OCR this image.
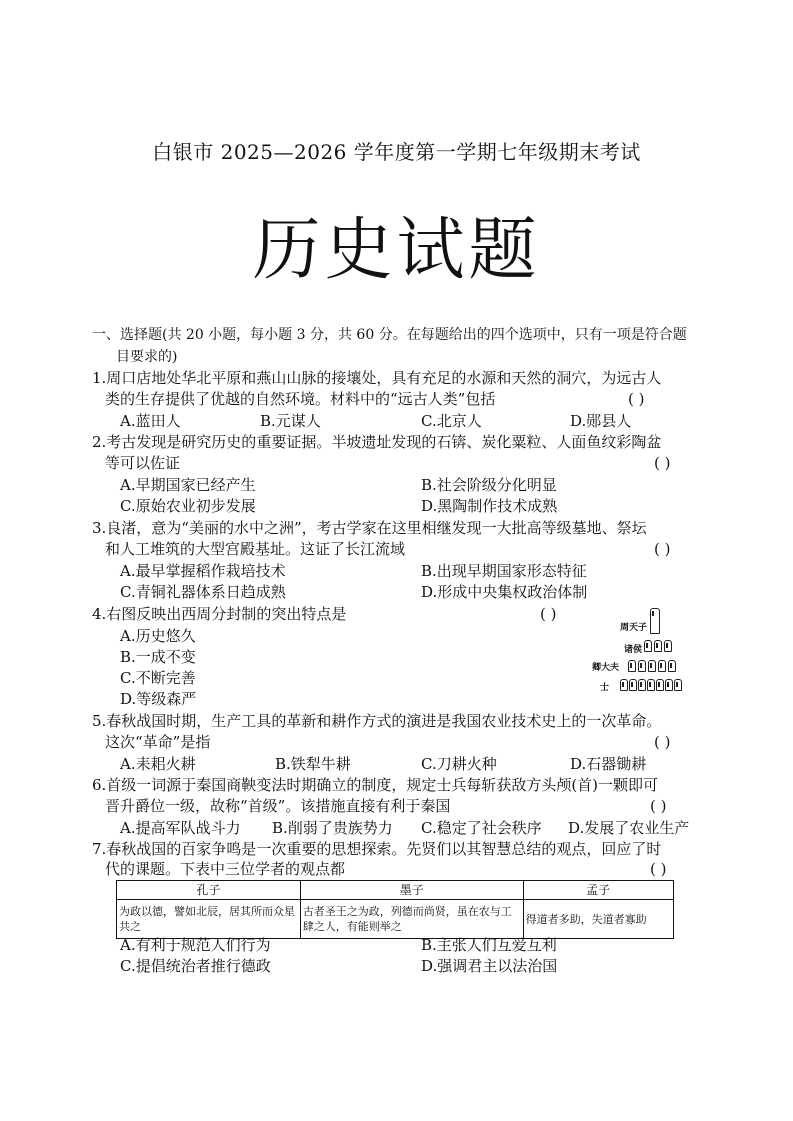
白银市 2025—2026 学年度第一学期七年级期末考试
历史试题
一、选择题(共 20 小题，每小题 3 分，共 60 分。在每题给出的四个选项中，只有一项是符合题
目要求的)
1.周口店地处华北平原和燕山山脉的接壤处，具有充足的水源和天然的洞穴，为远古人
类的生存提供了优越的自然环境。材料中的“远古人类”包括	( )
A.蓝田人	B.元谋人	C.北京人	D.郧县人
2.考古发现是研究历史的重要证据。半坡遗址发现的石锛、炭化粟粒、人面鱼纹彩陶盆
等可以佐证	( )
A.早期国家已经产生	B.社会阶级分化明显
C.原始农业初步发展	D.黑陶制作技术成熟
3.良渚，意为“美丽的水中之洲”，考古学家在这里相继发现一大批高等级墓地、祭坛
和人工堆筑的大型宫殿基址。这证了长江流域	( )
A.最早掌握稻作栽培技术	B.出现早期国家形态特征
C.青铜礼器体系日趋成熟	D.形成中央集权政治体制
4.右图反映出西周分封制的突出特点是	( )
A.历史悠久
B.一成不变
C.不断完善
D.等级森严
周天子
诸侯
卿大夫
士
5.春秋战国时期，生产工具的革新和耕作方式的演进是我国农业技术史上的一次革命。
这次“革命”是指	( )
A.耒耜火耕	B.铁犁牛耕	C.刀耕火种	D.石器锄耕
6.首级一词源于秦国商鞅变法时期确立的制度，规定士兵每斩获敌方头颅(首)一颗即可
晋升爵位一级，故称“首级”。该措施直接有利于秦国	( )
A.提高军队战斗力 B.削弱了贵族势力 C.稳定了社会秩序 D.发展了农业生产
7.春秋战国的百家争鸣是一次重要的思想探索。先贤们以其智慧总结的观点，回应了时
代的课题。下表中三位学者的观点都	( )
孔子	墨子	孟子
为政以德，譬如北辰，居其所而众星共之	古者圣王之为政，列德而尚贤，虽在农与工肆之人，有能则举之	得道者多助，失道者寡助
A.有利于规范人们行为	B.主张人们互爱互利
C.提倡统治者推行德政	D.强调君主以法治国
